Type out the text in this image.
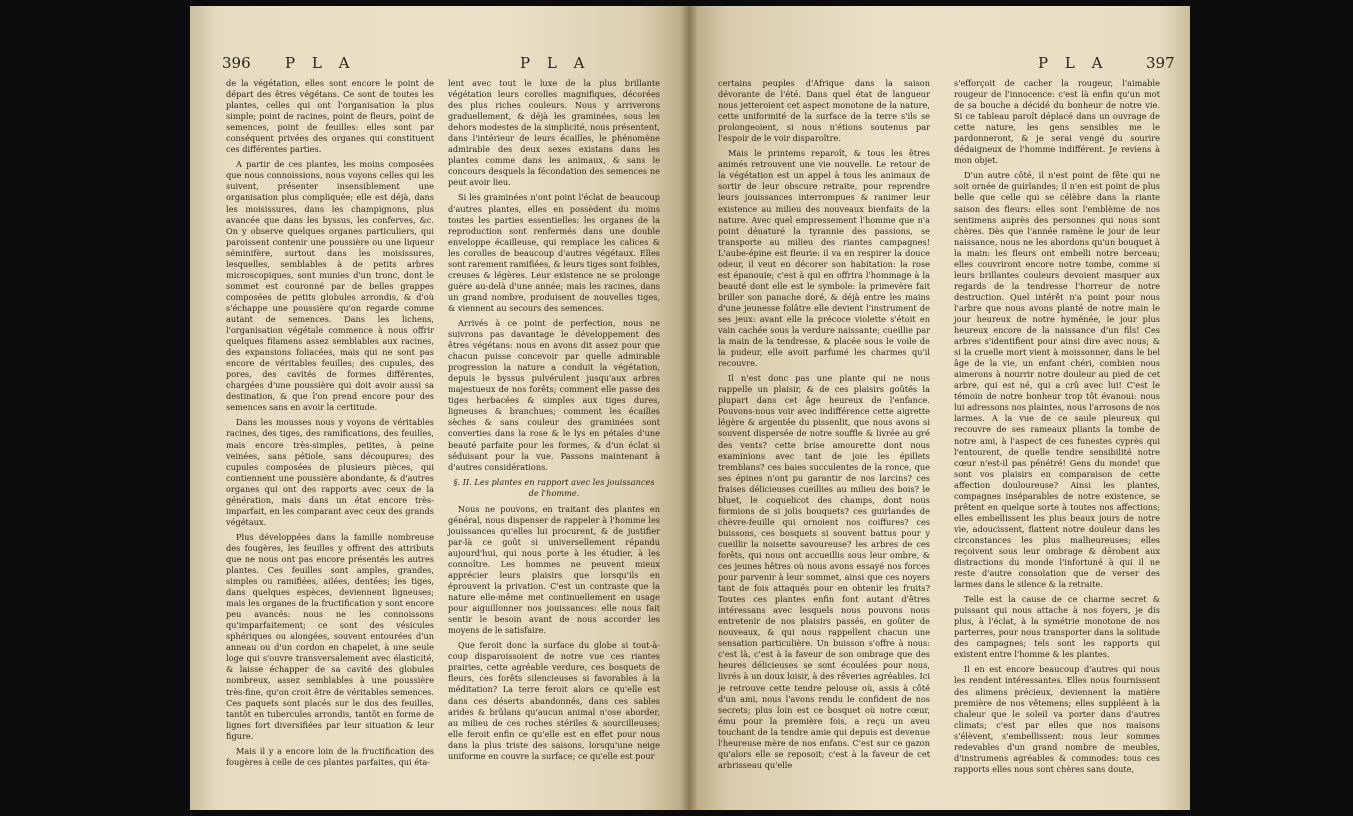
396 P L A	P L A

de la végétation, elles sont encore le point de départ des êtres végétans. Ce sont de toutes les plantes, celles qui ont l'organisation la plus simple; point de racines, point de fleurs, point de semences, point de feuilles: elles sont par conséquent privées des organes qui constituent ces différentes parties.

A partir de ces plantes, les moins composées que nous connoissions, nous voyons celles qui les suivent, présenter insensiblement une organisation plus compliquée; elle est déjà, dans les moisissures, dans les champignons, plus avancée que dans les byssus, les conferves, &c. On y observe quelques organes particuliers, qui paroissent contenir une poussière ou une liqueur séminifère, surtout dans les moisissures, lesquelles, semblables à de petits arbres microscopiques, sont munies d'un tronc, dont le sommet est couronné par de belles grappes composées de petits globules arrondis, & d'où s'échappe une poussière qu'on regarde comme autant de semences. Dans les lichens, l'organisation végétale commence à nous offrir quelques filamens assez semblables aux racines, des expansions foliacées, mais qui ne sont pas encore de véritables feuilles; des cupules, des pores, des cavités de formes différentes, chargées d'une poussière qui doit avoir aussi sa destination, & que l'on prend encore pour des semences sans en avoir la certitude.

Dans les mousses nous y voyons de véritables racines, des tiges, des ramifications, des feuilles, mais encore très-simples, petites, à peine veinées, sans pétiole, sans découpures; des cupules composées de plusieurs pièces, qui contiennent une poussière abondante, & d'autres organes qui ont des rapports avec ceux de la génération, mais dans un état encore très-imparfait, en les comparant avec ceux des grands végétaux.

Plus développées dans la famille nombreuse des fougères, les feuilles y offrent des attributs que ne nous ont pas encore présentés les autres plantes. Ces feuilles sont amples, grandes, simples ou ramifiées, ailées, dentées; les tiges, dans quelques espèces, deviennent ligneuses; mais les organes de la fructification y sont encore peu avancés: nous ne les connoissons qu'imparfaitement; ce sont des vésicules sphériques ou alongées, souvent entourées d'un anneau ou d'un cordon en chapelet, à une seule loge qui s'ouvre transversalement avec élasticité, & laisse échapper de sa cavité des globules nombreux, assez semblables à une poussière très-fine, qu'on croit être de véritables semences. Ces paquets sont placés sur le dos des feuilles, tantôt en tubercules arrondis, tantôt en forme de lignes fort diversifiées par leur situation & leur figure.

Mais il y a encore loin de la fructification des fougères à celle de ces plantes parfaites, qui éta-

lent avec tout le luxe de la plus brillante végétation leurs corolles magnifiques, décorées des plus riches couleurs. Nous y arriverons graduellement, & déjà les graminées, sous les dehors modestes de la simplicité, nous présentent, dans l'intérieur de leurs écailles, le phénomène admirable des deux sexes existans dans les plantes comme dans les animaux, & sans le concours desquels la fécondation des semences ne peut avoir lieu.

Si les graminées n'ont point l'éclat de beaucoup d'autres plantes, elles en possèdent du moins toutes les parties essentielles: les organes de la reproduction sont renfermés dans une double enveloppe écailleuse, qui remplace les calices & les corolles de beaucoup d'autres végétaux. Elles sont rarement ramifiées, & leurs tiges sont foibles, creuses & légères. Leur existence ne se prolonge guère au-delà d'une année; mais les racines, dans un grand nombre, produisent de nouvelles tiges, & viennent au secours des semences.

Arrivés à ce point de perfection, nous ne suivrons pas davantage le développement des êtres végétans: nous en avons dit assez pour que chacun puisse concevoir par quelle admirable progression la nature a conduit la végétation, depuis le byssus pulvérulent jusqu'aux arbres majestueux de nos forêts; comment elle passe des tiges herbacées & simples aux tiges dures, ligneuses & branchues; comment les écailles sèches & sans couleur des graminées sont converties dans la rose & le lys en pétales d'une beauté parfaite pour les formes, & d'un éclat si séduisant pour la vue. Passons maintenant à d'autres considérations.

§. II. Les plantes en rapport avec les jouissances de l'homme.

Nous ne pouvons, en traitant des plantes en général, nous dispenser de rappeler à l'homme les jouissances qu'elles lui procurent, & de justifier par-là ce goût si universellement répandu aujourd'hui, qui nous porte à les étudier, à les connoître. Les hommes ne peuvent mieux apprécier leurs plaisirs que lorsqu'ils en éprouvent la privation. C'est un contraste que la nature elle-même met continuellement en usage pour aiguillonner nos jouissances: elle nous fait sentir le besoin avant de nous accorder les moyens de le satisfaire.

Que feroit donc la surface du globe si tout-à-coup disparoissoient de notre vue ces riantes prairies, cette agréable verdure, ces bosquets de fleurs, ces forêts silencieuses si favorables à la méditation? La terre feroit alors ce qu'elle est dans ces déserts abandonnés, dans ces sables arides & brûlans qu'aucun animal n'ose aborder, au milieu de ces roches stériles & sourcilleuses; elle feroit enfin ce qu'elle est en effet pour nous dans la plus triste des saisons, lorsqu'une neige uniforme en couvre la surface; ce qu'elle est pour

P L A	397

certains peuples d'Afrique dans la saison dévorante de l'été. Dans quel état de langueur nous jetteroient cet aspect monotone de la nature, cette uniformité de la surface de la terre s'ils se prolongeoient, si nous n'étions soutenus par l'espoir de le voir disparoître.

Mais le printems reparoît, & tous les êtres animés retrouvent une vie nouvelle. Le retour de la végétation est un appel à tous les animaux de sortir de leur obscure retraite, pour reprendre leurs jouissances interrompues & ranimer leur existence au milieu des nouveaux bienfaits de la nature. Avec quel empressement l'homme que n'a point dénaturé la tyrannie des passions, se transporte au milieu des riantes campagnes! L'aube-épine est fleurie: il va en respirer la douce odeur, il veut en décorer son habitation: la rose est épanouie; c'est à qui en offrira l'hommage à la beauté dont elle est le symbole: la primevère fait briller son panache doré, & déjà entre les mains d'une jeunesse folâtre elle devient l'instrument de ses jeux: avant elle la précoce violette s'étoit en vain cachée sous la verdure naissante; cueillie par la main de la tendresse, & placée sous le voile de la pudeur, elle avoit parfumé les charmes qu'il recouvre.

Il n'est donc pas une plante qui ne nous rappelle un plaisir, & de ces plaisirs goûtés la plupart dans cet âge heureux de l'enfance. Pouvons-nous voir avec indifférence cette aigrette légère & argentée du pissenlit, que nous avons si souvent dispersée de notre souffle & livrée au gré des vents? cette brise amourette dont nous examinions avec tant de joie les épillets tremblans? ces baies succulentes de la ronce, que ses épines n'ont pu garantir de nos larcins? ces fraises délicieuses cueillies au milieu des bois? le bluet, le coquelicot des champs, dont nous formions de si jolis bouquets? ces guirlandes de chèvre-feuille qui ornoient nos coiffures? ces buissons, ces bosquets si souvent battus pour y cueillir la noisette savoureuse? les arbres de ces forêts, qui nous ont accueillis sous leur ombre, & ces jeunes hêtres où nous avons essayé nos forces pour parvenir à leur sommet, ainsi que ces noyers tant de fois attaqués pour en obtenir les fruits? Toutes ces plantes enfin font autant d'êtres intéressans avec lesquels nous pouvons nous entretenir de nos plaisirs passés, en goûter de nouveaux, & qui nous rappellent chacun une sensation particulière. Un buisson s'offre à nous: c'est là, c'est à la faveur de son ombrage que des heures délicieuses se sont écoulées pour nous, livrés à un doux loisir, à des rêveries agréables. Ici je retrouve cette tendre pelouse où, assis à côté d'un ami, nous l'avons rendu le confident de nos secrets; plus loin est ce bosquet où notre cœur, ému pour la première fois, a reçu un aveu touchant de la tendre amie qui depuis est devenue l'heureuse mère de nos enfans. C'est sur ce gazon qu'alors elle se reposoit; c'est à la faveur de cet arbrisseau qu'elle

s'efforçoit de cacher la rougeur, l'aimable rougeur de l'innocence: c'est là enfin qu'un mot de sa bouche a décidé du bonheur de notre vie. Si ce tableau paroît déplacé dans un ouvrage de cette nature, les gens sensibles me le pardonneront, & je serai vengé du sourire dédaigneux de l'homme indifférent. Je reviens à mon objet.

D'un autre côté, il n'est point de fête qui ne soit ornée de guirlandes; il n'en est point de plus belle que celle qui se célèbre dans la riante saison des fleurs: elles sont l'emblème de nos sentimens auprès des personnes qui nous sont chères. Dès que l'année ramène le jour de leur naissance, nous ne les abordons qu'un bouquet à la main: les fleurs ont embelli notre berceau; elles couvriront encore notre tombe, comme si leurs brillantes couleurs devoient masquer aux regards de la tendresse l'horreur de notre destruction. Quel intérêt n'a point pour nous l'arbre que nous avons planté de notre main le jour heureux de notre hyménée, le jour plus heureux encore de la naissance d'un fils! Ces arbres s'identifient pour ainsi dire avec nous; & si la cruelle mort vient à moissonner, dans le bel âge de la vie, un enfant chéri, combien nous aimerons à nourrir notre douleur au pied de cet arbre, qui est né, qui a crû avec lui! C'est le témoin de notre bonheur trop tôt évanoui: nous lui adressons nos plaintes, nous l'arrosons de nos larmes. A la vue de ce saule pleureux qui recouvre de ses rameaux pliants la tombe de notre ami, à l'aspect de ces funestes cyprès qui l'entourent, de quelle tendre sensibilité notre cœur n'est-il pas pénétré! Gens du monde! que sont vos plaisirs en comparaison de cette affection douloureuse? Ainsi les plantes, compagnes inséparables de notre existence, se prêtent en quelque sorte à toutes nos affections; elles embellissent les plus beaux jours de notre vie, adoucissent, flattent notre douleur dans les circonstances les plus malheureuses; elles reçoivent sous leur ombrage & dérobent aux distractions du monde l'infortuné à qui il ne reste d'autre consolation que de verser des larmes dans le silence & la retraite.

Telle est la cause de ce charme secret & puissant qui nous attache à nos foyers, je dis plus, à l'éclat, à la symétrie monotone de nos parterres, pour nous transporter dans la solitude des campagnes; tels sont les rapports qui existent entre l'homme & les plantes.

Il en est encore beaucoup d'autres qui nous les rendent intéressantes. Elles nous fournissent des alimens précieux, deviennent la matière première de nos vêtemens; elles suppléent à la chaleur que le soleil va porter dans d'autres climats; c'est par elles que nos maisons s'élèvent, s'embellissent: nous leur sommes redevables d'un grand nombre de meubles, d'instrumens agréables & commodes: tous ces rapports elles nous sont chères sans doute,
